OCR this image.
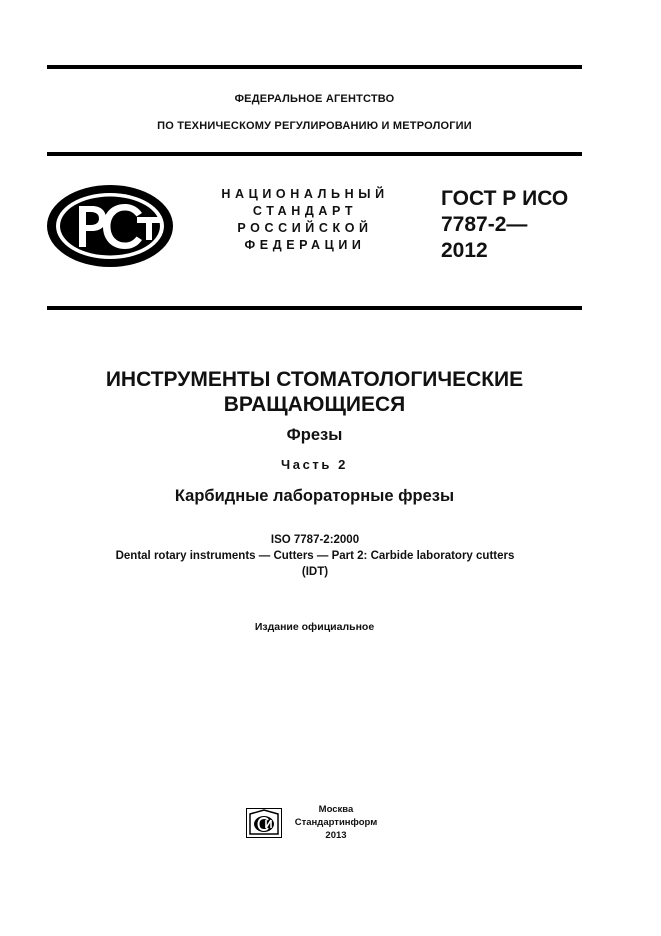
ФЕДЕРАЛЬНОЕ АГЕНТСТВО
ПО ТЕХНИЧЕСКОМУ РЕГУЛИРОВАНИЮ И МЕТРОЛОГИИ
НАЦИОНАЛЬНЫЙ
СТАНДАРТ
РОССИЙСКОЙ
ФЕДЕРАЦИИ
ГОСТ Р ИСО
7787-2—
2012
ИНСТРУМЕНТЫ СТОМАТОЛОГИЧЕСКИЕ
ВРАЩАЮЩИЕСЯ
Фрезы
Часть 2
Карбидные лабораторные фрезы
ISO 7787-2:2000
Dental rotary instruments — Cutters — Part 2: Carbide laboratory cutters
(IDT)
Издание официальное
Москва
Стандартинформ
2013
